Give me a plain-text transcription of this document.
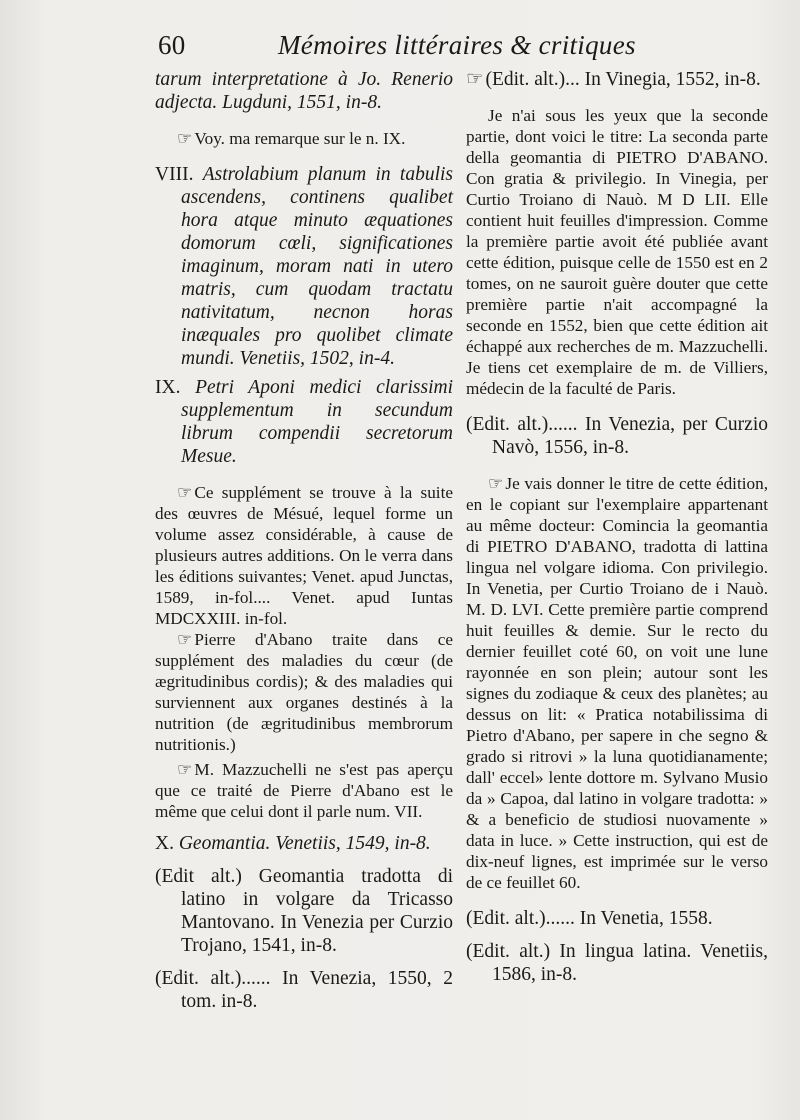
60	Mémoires littéraires & critiques

tarum interpretatione à Jo. Renerio adjecta. Lugduni, 1551, in-8.

☞ Voy. ma remarque sur le n. IX.

VIII. Astrolabium planum in tabulis ascendens, continens qualibet hora atque minuto æquationes domorum cœli, significationes imaginum, moram nati in utero matris, cum quodam tractatu nativitatum, necnon horas inæquales pro quolibet climate mundi. Venetiis, 1502, in-4.

IX. Petri Aponi medici clarissimi supplementum in secundum librum compendii secretorum Mesue.

☞ Ce supplément se trouve à la suite des œuvres de Mésué, lequel forme un volume assez considérable, à cause de plusieurs autres additions. On le verra dans les éditions suivantes; Venet. apud Junctas, 1589, in-fol.... Venet. apud Iuntas MDCXXIII. in-fol.

☞ Pierre d'Abano traite dans ce supplément des maladies du cœur (de ægritudinibus cordis); & des maladies qui surviennent aux organes destinés à la nutrition (de ægritudinibus membrorum nutritionis.)

☞ M. Mazzuchelli ne s'est pas aperçu que ce traité de Pierre d'Abano est le même que celui dont il parle num. VII.

X. Geomantia. Venetiis, 1549, in-8.

(Edit alt.) Geomantia tradotta di latino in volgare da Tricasso Mantovano. In Venezia per Curzio Trojano, 1541, in-8.

(Edit. alt.)...... In Venezia, 1550, 2 tom. in-8.

☞ (Edit. alt.)... In Vinegia, 1552, in-8.

Je n'ai sous les yeux que la seconde partie, dont voici le titre: La seconda parte della geomantia di PIETRO D'ABANO. Con gratia & privilegio. In Vinegia, per Curtio Troiano di Nauò. M D LII. Elle contient huit feuilles d'impression. Comme la première partie avoit été publiée avant cette édition, puisque celle de 1550 est en 2 tomes, on ne sauroit guère douter que cette première partie n'ait accompagné la seconde en 1552, bien que cette édition ait échappé aux recherches de m. Mazzuchelli. Je tiens cet exemplaire de m. de Villiers, médecin de la faculté de Paris.

(Edit. alt.)...... In Venezia, per Curzio Navò, 1556, in-8.

☞ Je vais donner le titre de cette édition, en le copiant sur l'exemplaire appartenant au même docteur: Comincia la geomantia di PIETRO D'ABANO, tradotta di lattina lingua nel volgare idioma. Con privilegio. In Venetia, per Curtio Troiano de i Nauò. M. D. LVI. Cette première partie comprend huit feuilles & demie. Sur le recto du dernier feuillet coté 60, on voit une lune rayonnée en son plein; autour sont les signes du zodiaque & ceux des planètes; au dessus on lit: « Pratica notabilissima di Pietro d'Abano, per sapere in che segno & grado si ritrovi » la luna quotidianamente; dall' eccel» lente dottore m. Sylvano Musio da » Capoa, dal latino in volgare tradotta: » & a beneficio de studiosi nuovamente » data in luce. » Cette instruction, qui est de dix-neuf lignes, est imprimée sur le verso de ce feuillet 60.

(Edit. alt.)...... In Venetia, 1558.

(Edit. alt.) In lingua latina. Venetiis, 1586, in-8.
